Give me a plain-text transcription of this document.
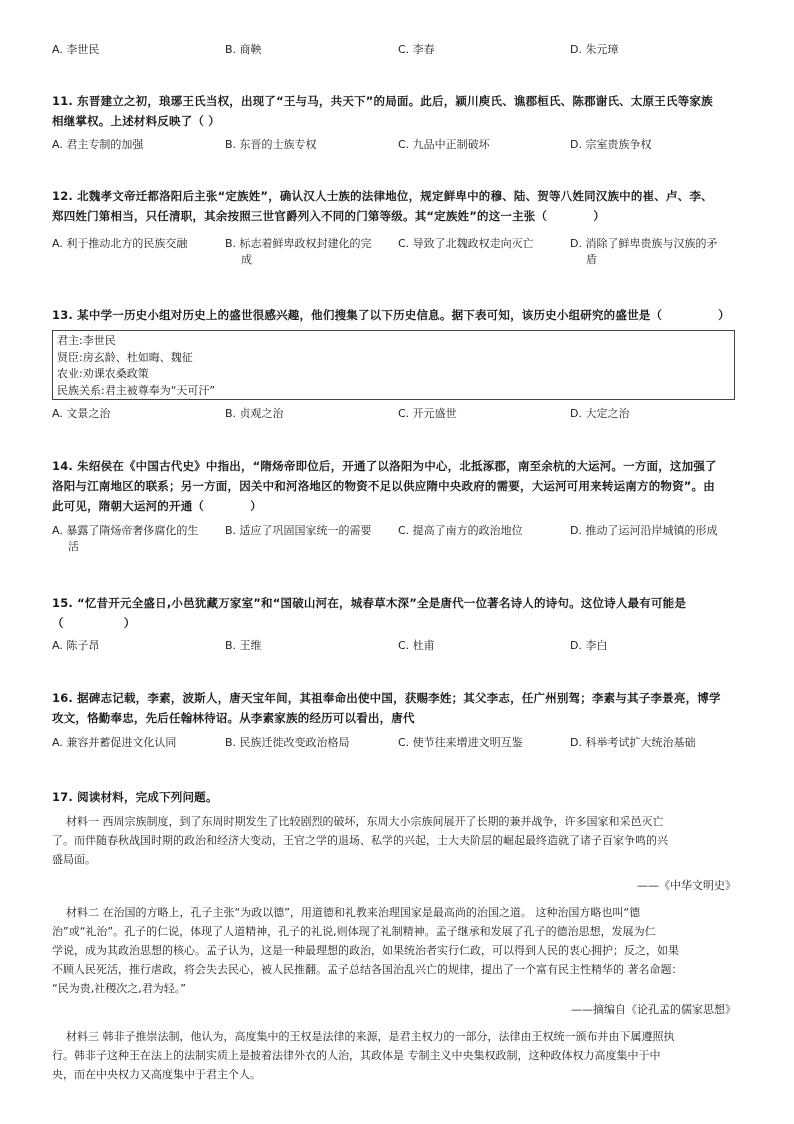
A. 李世民	B. 商鞅	C. 李春	D. 朱元璋
11. 东晋建立之初，琅琊王氏当权，出现了“王与马，共天下”的局面。此后，颍川庾氏、谯郡桓氏、陈郡谢氏、太原王氏等家族
相继掌权。上述材料反映了（ ）
A. 君主专制的加强	B. 东晋的士族专权	C. 九品中正制破坏	D. 宗室贵族争权
12. 北魏孝文帝迁都洛阳后主张“定族姓”，确认汉人士族的法律地位，规定鲜卑中的穆、陆、贺等八姓同汉族中的崔、卢、李、
郑四姓门第相当，只任清职，其余按照三世官爵列入不同的门第等级。其“定族姓”的这一主张（	）
A. 利于推动北方的民族交融	B. 标志着鲜卑政权封建化的完
成
C. 导致了北魏政权走向灭亡	D. 消除了鲜卑贵族与汉族的矛
盾
13. 某中学一历史小组对历史上的盛世很感兴趣，他们搜集了以下历史信息。据下表可知，该历史小组研究的盛世是（	）
君主:李世民
贤臣:房玄龄、杜如晦、魏征
农业:劝课农桑政策
民族关系:君主被尊奉为“天可汗”
A. 文景之治	B. 贞观之治	C. 开元盛世	D. 大定之治
14. 朱绍侯在《中国古代史》中指出，“隋炀帝即位后，开通了以洛阳为中心，北抵涿郡，南至余杭的大运河。一方面，这加强了
洛阳与江南地区的联系；另一方面，因关中和河洛地区的物资不足以供应隋中央政府的需要，大运河可用来转运南方的物资”。由
此可见，隋朝大运河的开通（	）
A. 暴露了隋炀帝奢侈腐化的生
活
B. 适应了巩固国家统一的需要 C. 提高了南方的政治地位	D. 推动了运河沿岸城镇的形成
15. “忆昔开元全盛日,小邑犹藏万家室”和“国破山河在，城春草木深”全是唐代一位著名诗人的诗句。这位诗人最有可能是
（	）
A. 陈子昂	B. 王维	C. 杜甫	D. 李白
16. 据碑志记载，李素，波斯人，唐天宝年间，其祖奉命出使中国，获赐李姓；其父李志，任广州别驾；李素与其子李景亮，博学
攻文，恪勤奉忠，先后任翰林待诏。从李素家族的经历可以看出，唐代
A. 兼容并蓄促进文化认同	B. 民族迁徙改变政治格局	C. 使节往来增进文明互鉴	D. 科举考试扩大统治基础
17. 阅读材料，完成下列问题。
材料一 西周宗族制度，到了东周时期发生了比较剧烈的破坏，东周大小宗族间展开了长期的兼并战争，许多国家和采邑灭亡
了。而伴随春秋战国时期的政治和经济大变动，王官之学的退场、私学的兴起，士大夫阶层的崛起最终造就了诸子百家争鸣的兴
盛局面。
——《中华文明史》
材料二 在治国的方略上，孔子主张“为政以德”，用道德和礼教来治理国家是最高尚的治国之道。 这种治国方略也叫“德
治”或“礼治”。孔子的仁说，体现了人道精神，孔子的礼说,则体现了礼制精神。孟子继承和发展了孔子的德治思想，发展为仁
学说，成为其政治思想的核心。孟子认为，这是一种最理想的政治，如果统治者实行仁政，可以得到人民的衷心拥护；反之，如果
不顾人民死活，推行虐政，将会失去民心，被人民推翻。孟子总结各国治乱兴亡的规律，提出了一个富有民主性精华的 著名命题：
“民为贵,社稷次之,君为轻。”
——摘编自《论孔孟的儒家思想》
材料三 韩非子推崇法制，他认为，高度集中的王权是法律的来源，是君主权力的一部分，法律由王权统一颁布并由下属遵照执
行。韩非子这种王在法上的法制实质上是披着法律外衣的人治，其政体是 专制主义中央集权政制，这种政体权力高度集中于中
央，而在中央权力又高度集中于君主个人。
